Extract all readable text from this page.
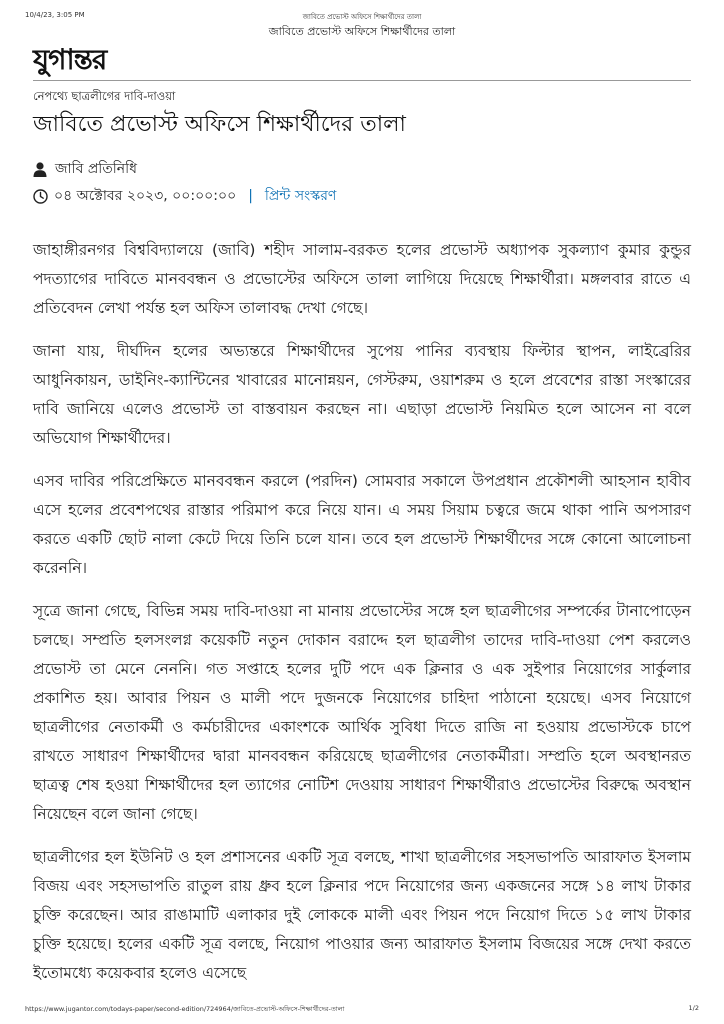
10/4/23, 3:05 PM	জাবিতে প্রভোস্ট অফিসে শিক্ষার্থীদের তালা
জাবিতে প্রভোস্ট অফিসে শিক্ষার্থীদের তালা
যুগান্তর
নেপথ্যে ছাত্রলীগের দাবি-দাওয়া
জাবিতে প্রভোস্ট অফিসে শিক্ষার্থীদের তালা
জাবি প্রতিনিধি
০৪ অক্টোবর ২০২৩, ০০:০০:০০ | প্রিন্ট সংস্করণ

জাহাঙ্গীরনগর বিশ্ববিদ্যালয়ে (জাবি) শহীদ সালাম-বরকত হলের প্রভোস্ট অধ্যাপক সুকল্যাণ কুমার কুন্ডুর পদত্যাগের দাবিতে মানববন্ধন ও প্রভোস্টের অফিসে তালা লাগিয়ে দিয়েছে শিক্ষার্থীরা। মঙ্গলবার রাতে এ প্রতিবেদন লেখা পর্যন্ত হল অফিস তালাবদ্ধ দেখা গেছে।

জানা যায়, দীর্ঘদিন হলের অভ্যন্তরে শিক্ষার্থীদের সুপেয় পানির ব্যবস্থায় ফিল্টার স্থাপন, লাইব্রেরির আধুনিকায়ন, ডাইনিং-ক্যান্টিনের খাবারের মানোন্নয়ন, গেস্টরুম, ওয়াশরুম ও হলে প্রবেশের রাস্তা সংস্কারের দাবি জানিয়ে এলেও প্রভোস্ট তা বাস্তবায়ন করছেন না। এছাড়া প্রভোস্ট নিয়মিত হলে আসেন না বলে অভিযোগ শিক্ষার্থীদের।

এসব দাবির পরিপ্রেক্ষিতে মানববন্ধন করলে (পরদিন) সোমবার সকালে উপপ্রধান প্রকৌশলী আহসান হাবীব এসে হলের প্রবেশপথের রাস্তার পরিমাপ করে নিয়ে যান। এ সময় সিয়াম চত্বরে জমে থাকা পানি অপসারণ করতে একটি ছোট নালা কেটে দিয়ে তিনি চলে যান। তবে হল প্রভোস্ট শিক্ষার্থীদের সঙ্গে কোনো আলোচনা করেননি।

সূত্রে জানা গেছে, বিভিন্ন সময় দাবি-দাওয়া না মানায় প্রভোস্টের সঙ্গে হল ছাত্রলীগের সম্পর্কের টানাপোড়েন চলছে। সম্প্রতি হলসংলগ্ন কয়েকটি নতুন দোকান বরাদ্দে হল ছাত্রলীগ তাদের দাবি-দাওয়া পেশ করলেও প্রভোস্ট তা মেনে নেননি। গত সপ্তাহে হলের দুটি পদে এক ক্লিনার ও এক সুইপার নিয়োগের সার্কুলার প্রকাশিত হয়। আবার পিয়ন ও মালী পদে দুজনকে নিয়োগের চাহিদা পাঠানো হয়েছে। এসব নিয়োগে ছাত্রলীগের নেতাকর্মী ও কর্মচারীদের একাংশকে আর্থিক সুবিধা দিতে রাজি না হওয়ায় প্রভোস্টকে চাপে রাখতে সাধারণ শিক্ষার্থীদের দ্বারা মানববন্ধন করিয়েছে ছাত্রলীগের নেতাকর্মীরা। সম্প্রতি হলে অবস্থানরত ছাত্রত্ব শেষ হওয়া শিক্ষার্থীদের হল ত্যাগের নোটিশ দেওয়ায় সাধারণ শিক্ষার্থীরাও প্রভোস্টের বিরুদ্ধে অবস্থান নিয়েছেন বলে জানা গেছে।

ছাত্রলীগের হল ইউনিট ও হল প্রশাসনের একটি সূত্র বলছে, শাখা ছাত্রলীগের সহসভাপতি আরাফাত ইসলাম বিজয় এবং সহসভাপতি রাতুল রায় ধ্রুব হলে ক্লিনার পদে নিয়োগের জন্য একজনের সঙ্গে ১৪ লাখ টাকার চুক্তি করেছেন। আর রাঙামাটি এলাকার দুই লোককে মালী এবং পিয়ন পদে নিয়োগ দিতে ১৫ লাখ টাকার চুক্তি হয়েছে। হলের একটি সূত্র বলছে, নিয়োগ পাওয়ার জন্য আরাফাত ইসলাম বিজয়ের সঙ্গে দেখা করতে ইতোমধ্যে কয়েকবার হলেও এসেছে

https://www.jugantor.com/todays-paper/second-edition/724964/জাবিতে-প্রভোস্ট-অফিসে-শিক্ষার্থীদের-তালা	1/2
